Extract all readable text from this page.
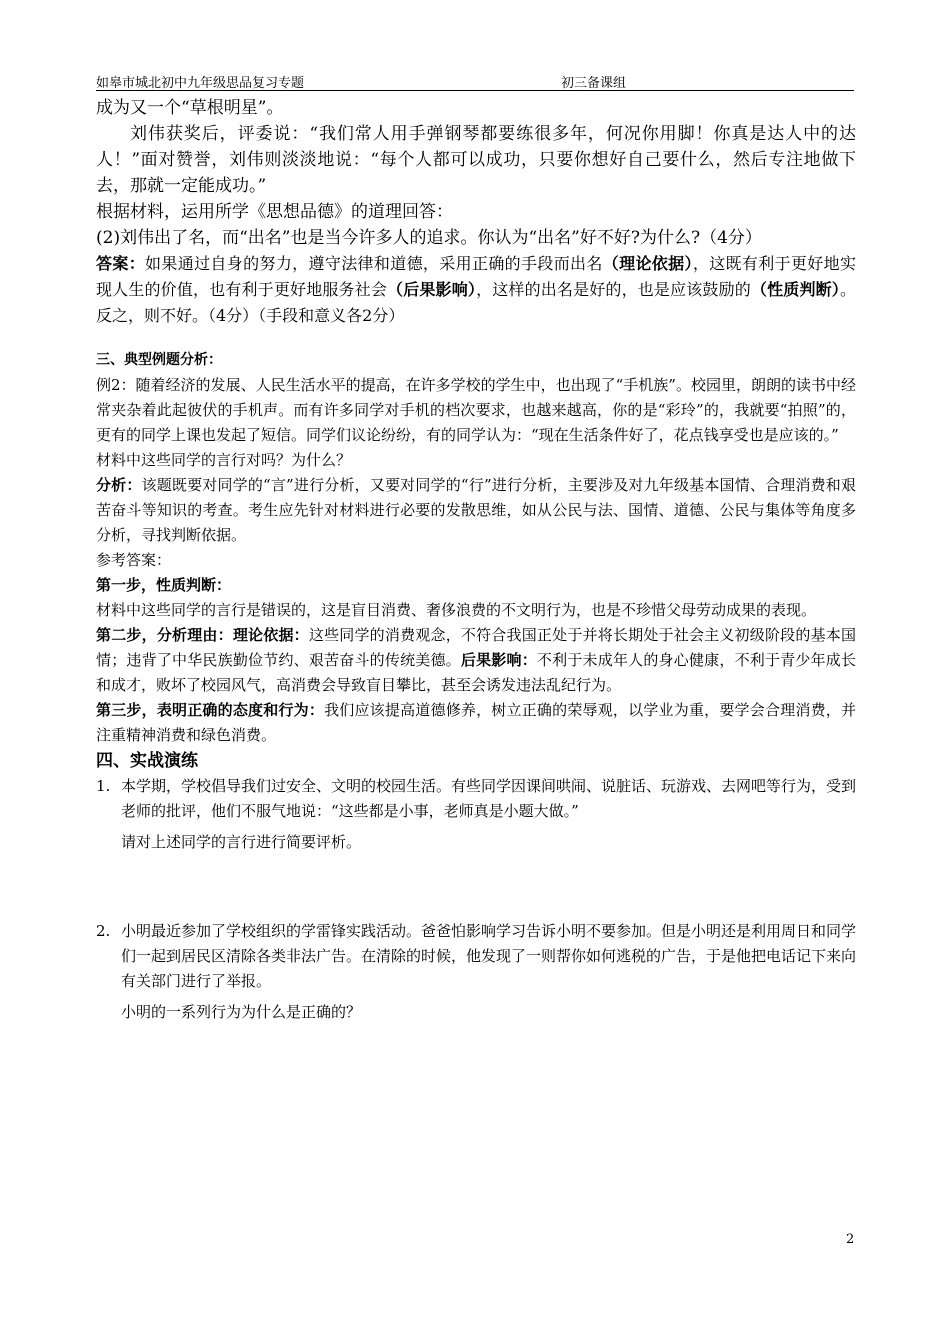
如皋市城北初中九年级思品复习专题	初三备课组

成为又一个“草根明星”。

刘伟获奖后，评委说：“我们常人用手弹钢琴都要练很多年，何况你用脚！你真是达人中的达人！”面对赞誉，刘伟则淡淡地说：“每个人都可以成功，只要你想好自己要什么，然后专注地做下去，那就一定能成功。”

根据材料，运用所学《思想品德》的道理回答：

(2)刘伟出了名，而“出名”也是当今许多人的追求。你认为“出名”好不好?为什么?（4分）

答案：如果通过自身的努力，遵守法律和道德，采用正确的手段而出名（理论依据），这既有利于更好地实现人生的价值，也有利于更好地服务社会（后果影响），这样的出名是好的，也是应该鼓励的（性质判断）。反之，则不好。（4分）（手段和意义各2分）

三、典型例题分析：

例2：随着经济的发展、人民生活水平的提高，在许多学校的学生中，也出现了“手机族”。校园里，朗朗的读书中经常夹杂着此起彼伏的手机声。而有许多同学对手机的档次要求，也越来越高，你的是“彩玲”的，我就要“拍照”的，更有的同学上课也发起了短信。同学们议论纷纷，有的同学认为：“现在生活条件好了，花点钱享受也是应该的。”

材料中这些同学的言行对吗？为什么？

分析：该题既要对同学的“言”进行分析，又要对同学的“行”进行分析，主要涉及对九年级基本国情、合理消费和艰苦奋斗等知识的考查。考生应先针对材料进行必要的发散思维，如从公民与法、国情、道德、公民与集体等角度多分析，寻找判断依据。

参考答案：

第一步，性质判断：

材料中这些同学的言行是错误的，这是盲目消费、奢侈浪费的不文明行为，也是不珍惜父母劳动成果的表现。

第二步，分析理由：理论依据：这些同学的消费观念，不符合我国正处于并将长期处于社会主义初级阶段的基本国情；违背了中华民族勤俭节约、艰苦奋斗的传统美德。后果影响：不利于未成年人的身心健康，不利于青少年成长和成才，败坏了校园风气，高消费会导致盲目攀比，甚至会诱发违法乱纪行为。

第三步，表明正确的态度和行为：我们应该提高道德修养，树立正确的荣辱观，以学业为重，要学会合理消费，并注重精神消费和绿色消费。

四、实战演练

1. 本学期，学校倡导我们过安全、文明的校园生活。有些同学因课间哄闹、说脏话、玩游戏、去网吧等行为，受到老师的批评，他们不服气地说：“这些都是小事，老师真是小题大做。”

请对上述同学的言行进行简要评析。

2. 小明最近参加了学校组织的学雷锋实践活动。爸爸怕影响学习告诉小明不要参加。但是小明还是利用周日和同学们一起到居民区清除各类非法广告。在清除的时候，他发现了一则帮你如何逃税的广告，于是他把电话记下来向有关部门进行了举报。

小明的一系列行为为什么是正确的？

2
